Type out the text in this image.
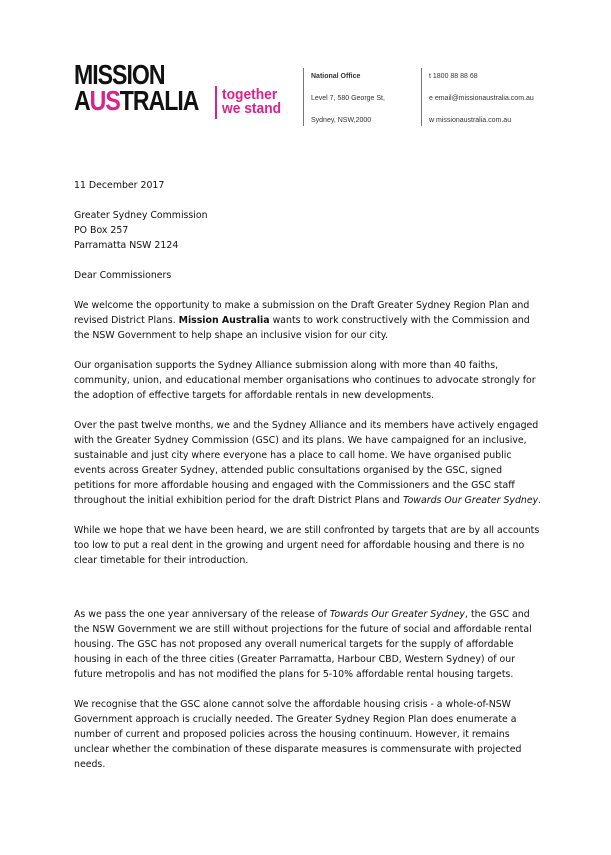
MISSION
AUSTRALIA together
we stand
National Office
Level 7, 580 George St,
Sydney, NSW,2000
t 1800 88 88 68
e email@missionaustralia.com.au
w missionaustralia.com.au
11 December 2017
Greater Sydney Commission
PO Box 257
Parramatta NSW 2124
Dear Commissioners

We welcome the opportunity to make a submission on the Draft Greater Sydney Region Plan and revised District Plans. Mission Australia wants to work constructively with the Commission and the NSW Government to help shape an inclusive vision for our city.

Our organisation supports the Sydney Alliance submission along with more than 40 faiths, community, union, and educational member organisations who continues to advocate strongly for the adoption of effective targets for affordable rentals in new developments.

Over the past twelve months, we and the Sydney Alliance and its members have actively engaged with the Greater Sydney Commission (GSC) and its plans. We have campaigned for an inclusive, sustainable and just city where everyone has a place to call home. We have organised public events across Greater Sydney, attended public consultations organised by the GSC, signed petitions for more affordable housing and engaged with the Commissioners and the GSC staff throughout the initial exhibition period for the draft District Plans and Towards Our Greater Sydney.

While we hope that we have been heard, we are still confronted by targets that are by all accounts too low to put a real dent in the growing and urgent need for affordable housing and there is no clear timetable for their introduction.

As we pass the one year anniversary of the release of Towards Our Greater Sydney, the GSC and the NSW Government we are still without projections for the future of social and affordable rental housing. The GSC has not proposed any overall numerical targets for the supply of affordable housing in each of the three cities (Greater Parramatta, Harbour CBD, Western Sydney) of our future metropolis and has not modified the plans for 5-10% affordable rental housing targets.

We recognise that the GSC alone cannot solve the affordable housing crisis - a whole-of-NSW Government approach is crucially needed. The Greater Sydney Region Plan does enumerate a number of current and proposed policies across the housing continuum. However, it remains unclear whether the combination of these disparate measures is commensurate with projected needs.
